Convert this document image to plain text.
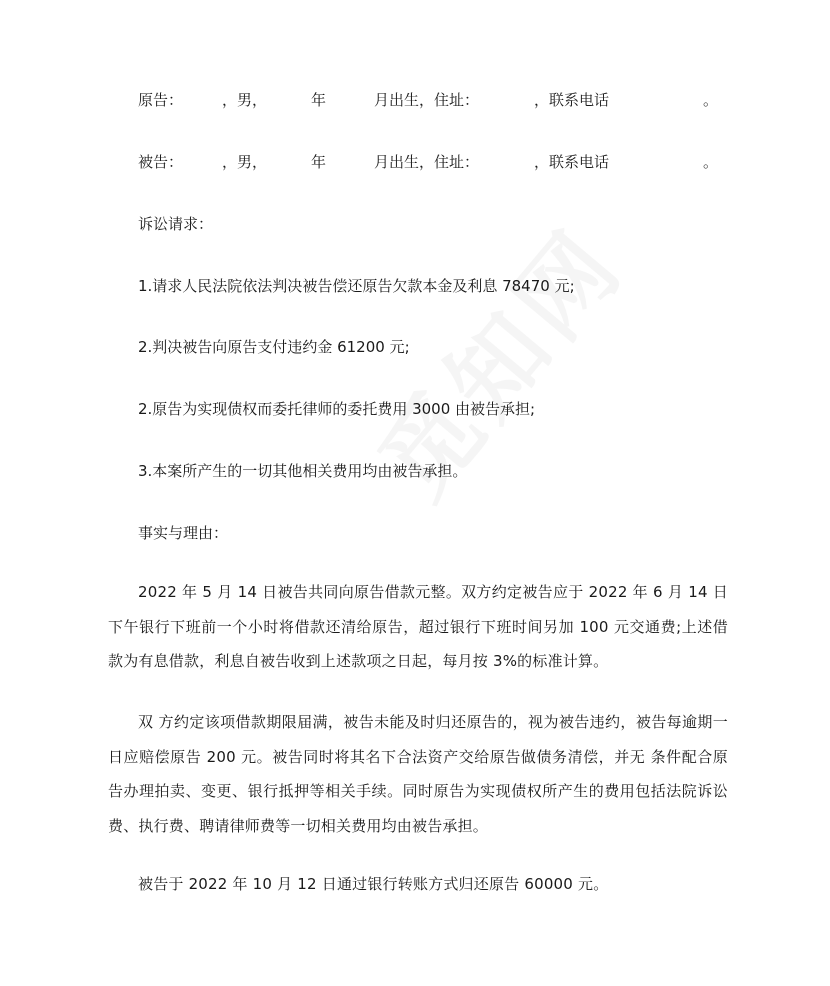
原告：	，男，	年	月出生，住址：	，联系电话	。
被告：	，男，	年	月出生，住址：	，联系电话	。
诉讼请求：
1.请求人民法院依法判决被告偿还原告欠款本金及利息 78470 元;
2.判决被告向原告支付违约金 61200 元;
2.原告为实现债权而委托律师的委托费用 3000 由被告承担;
3.本案所产生的一切其他相关费用均由被告承担。
事实与理由：
2022 年 5 月 14 日被告共同向原告借款元整。双方约定被告应于 2022 年 6 月 14 日下午银行下班前一个小时将借款还清给原告，超过银行下班时间另加 100 元交通费;上述借款为有息借款，利息自被告收到上述款项之日起，每月按 3%的标准计算。
双 方约定该项借款期限届满，被告未能及时归还原告的，视为被告违约，被告每逾期一日应赔偿原告 200 元。被告同时将其名下合法资产交给原告做债务清偿，并无 条件配合原告办理拍卖、变更、银行抵押等相关手续。同时原告为实现债权所产生的费用包括法院诉讼费、执行费、聘请律师费等一切相关费用均由被告承担。
被告于 2022 年 10 月 12 日通过银行转账方式归还原告 60000 元。
